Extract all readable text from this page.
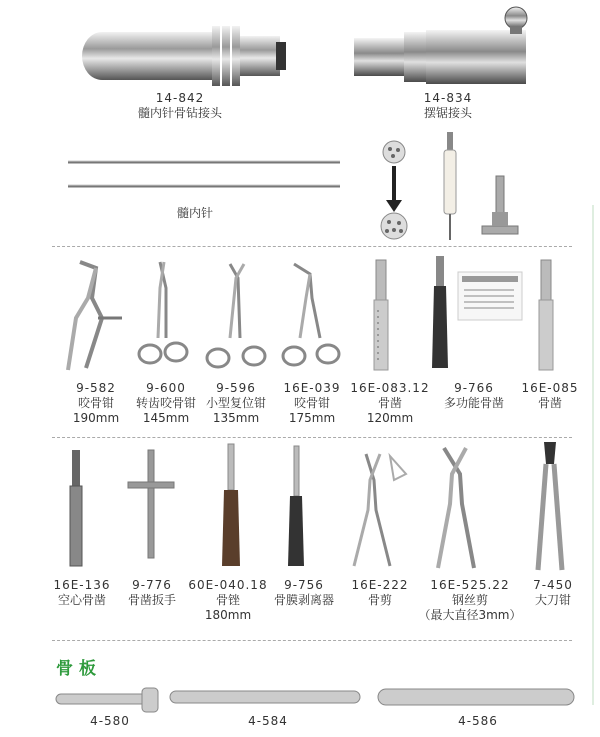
14-842
髓内针骨钻接头
14-834
摆锯接头
髓内针
9-582
咬骨钳
190mm
9-600
转齿咬骨钳
145mm
9-596
小型复位钳
135mm
16E-039
咬骨钳
175mm
16E-083.12
骨凿
120mm
9-766
多功能骨凿
16E-085
骨凿
16E-136
空心骨凿
9-776
骨凿扳手
60E-040.18
骨锉
180mm
9-756
骨膜剥离器
16E-222
骨剪
16E-525.22
钢丝剪
（最大直径3mm）
7-450
大刀钳
骨板
4-580	4-584	4-586
